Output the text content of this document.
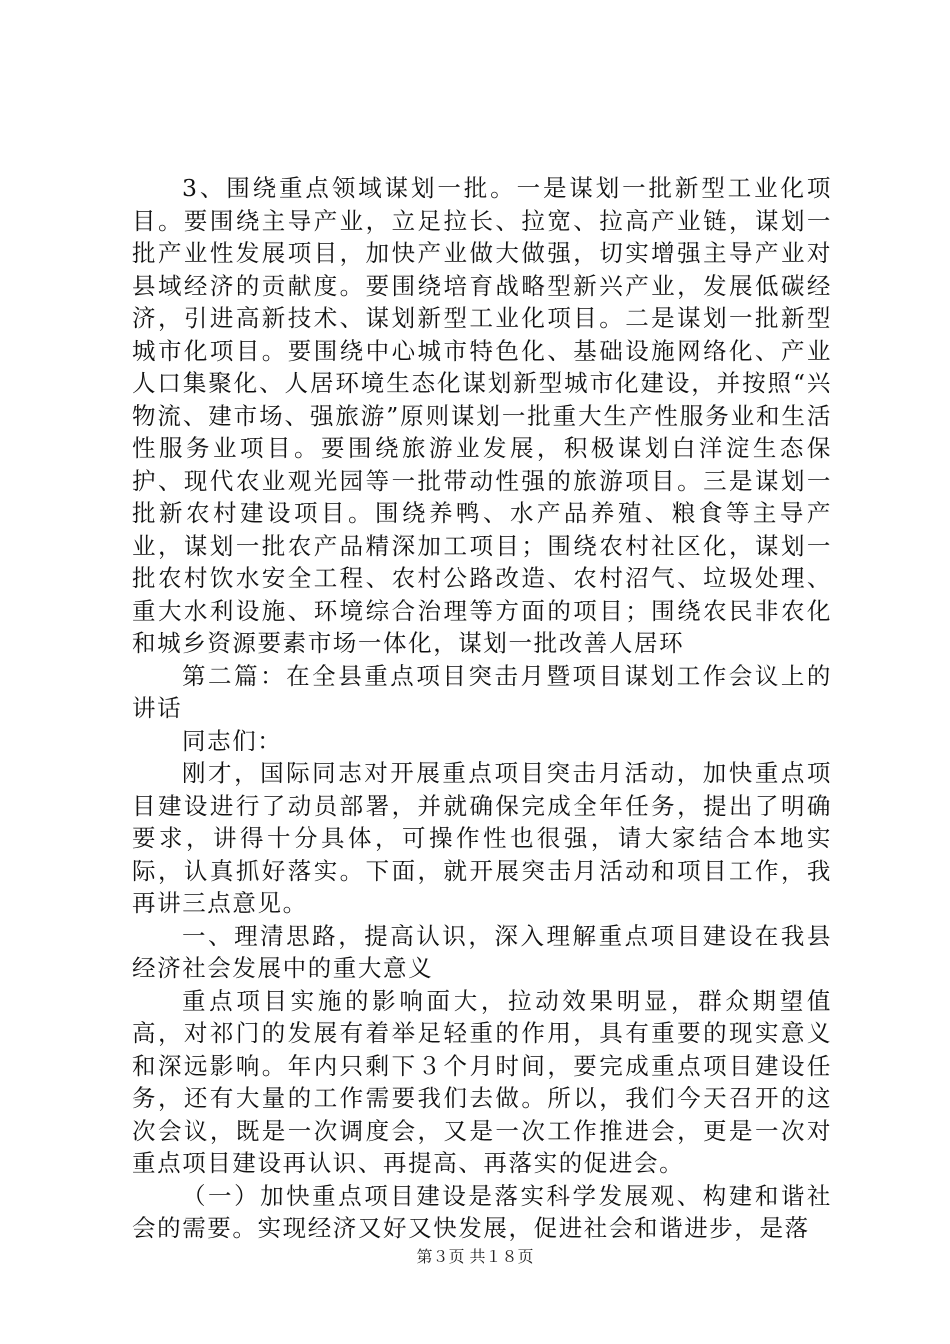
3、围绕重点领域谋划一批。一是谋划一批新型工业化项目。要围绕主导产业，立足拉长、拉宽、拉高产业链，谋划一批产业性发展项目，加快产业做大做强，切实增强主导产业对县域经济的贡献度。要围绕培育战略型新兴产业，发展低碳经济，引进高新技术、谋划新型工业化项目。二是谋划一批新型城市化项目。要围绕中心城市特色化、基础设施网络化、产业人口集聚化、人居环境生态化谋划新型城市化建设，并按照“兴物流、建市场、强旅游”原则谋划一批重大生产性服务业和生活性服务业项目。要围绕旅游业发展，积极谋划白洋淀生态保护、现代农业观光园等一批带动性强的旅游项目。三是谋划一批新农村建设项目。围绕养鸭、水产品养殖、粮食等主导产业，谋划一批农产品精深加工项目；围绕农村社区化，谋划一批农村饮水安全工程、农村公路改造、农村沼气、垃圾处理、重大水利设施、环境综合治理等方面的项目；围绕农民非农化和城乡资源要素市场一体化，谋划一批改善人居环

第二篇：在全县重点项目突击月暨项目谋划工作会议上的讲话

同志们：

刚才，国际同志对开展重点项目突击月活动，加快重点项目建设进行了动员部署，并就确保完成全年任务，提出了明确要求，讲得十分具体，可操作性也很强，请大家结合本地实际，认真抓好落实。下面，就开展突击月活动和项目工作，我再讲三点意见。

一、理清思路，提高认识，深入理解重点项目建设在我县经济社会发展中的重大意义

重点项目实施的影响面大，拉动效果明显，群众期望值高，对祁门的发展有着举足轻重的作用，具有重要的现实意义和深远影响。年内只剩下３个月时间，要完成重点项目建设任务，还有大量的工作需要我们去做。所以，我们今天召开的这次会议，既是一次调度会，又是一次工作推进会，更是一次对重点项目建设再认识、再提高、再落实的促进会。

（一）加快重点项目建设是落实科学发展观、构建和谐社会的需要。实现经济又好又快发展，促进社会和谐进步，是落

第３页 共１８页
